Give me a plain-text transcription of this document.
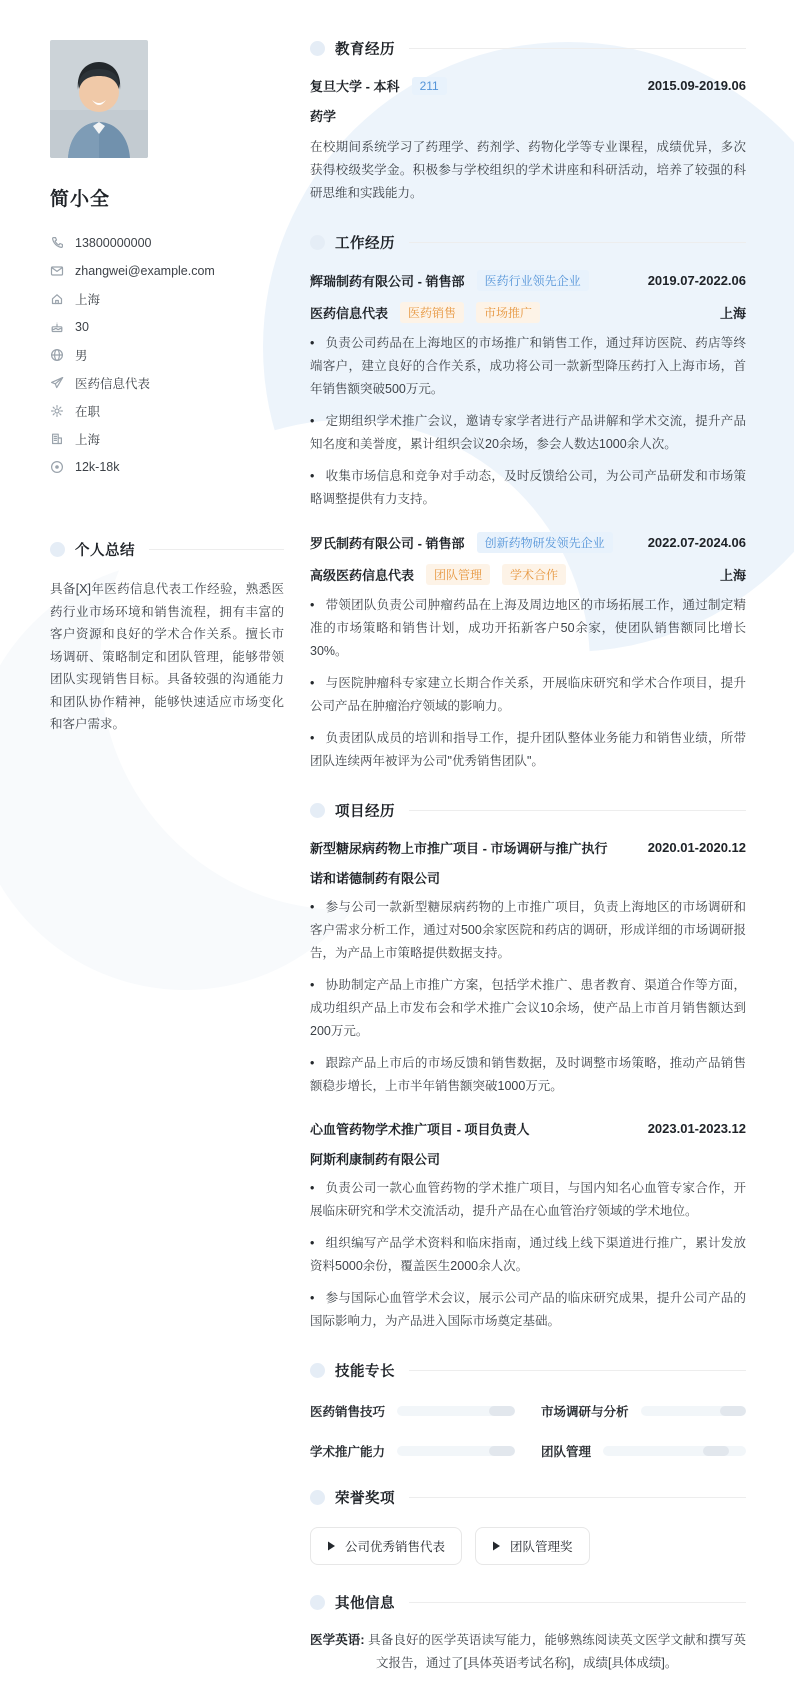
简小全
13800000000
zhangwei@example.com
上海
30
男
医药信息代表
在职
上海
12k-18k
个人总结

具备[X]年医药信息代表工作经验，熟悉医药行业市场环境和销售流程，拥有丰富的客户资源和良好的学术合作关系。擅长市场调研、策略制定和团队管理，能够带领团队实现销售目标。具备较强的沟通能力和团队协作精神，能够快速适应市场变化和客户需求。

教育经历
复旦大学 - 本科	211	2015.09-2019.06
药学

在校期间系统学习了药理学、药剂学、药物化学等专业课程，成绩优异，多次获得校级奖学金。积极参与学校组织的学术讲座和科研活动，培养了较强的科研思维和实践能力。

工作经历
辉瑞制药有限公司 - 销售部	医药行业领先企业	2019.07-2022.06
医药信息代表	医药销售	市场推广	上海

• 负责公司药品在上海地区的市场推广和销售工作，通过拜访医院、药店等终端客户，建立良好的合作关系，成功将公司一款新型降压药打入上海市场，首年销售额突破500万元。

• 定期组织学术推广会议，邀请专家学者进行产品讲解和学术交流，提升产品知名度和美誉度，累计组织会议20余场，参会人数达1000余人次。

• 收集市场信息和竞争对手动态，及时反馈给公司，为公司产品研发和市场策略调整提供有力支持。

罗氏制药有限公司 - 销售部	创新药物研发领先企业	2022.07-2024.06
高级医药信息代表	团队管理	学术合作	上海

• 带领团队负责公司肿瘤药品在上海及周边地区的市场拓展工作，通过制定精准的市场策略和销售计划，成功开拓新客户50余家，使团队销售额同比增长30%。

• 与医院肿瘤科专家建立长期合作关系，开展临床研究和学术合作项目，提升公司产品在肿瘤治疗领域的影响力。

• 负责团队成员的培训和指导工作，提升团队整体业务能力和销售业绩，所带团队连续两年被评为公司"优秀销售团队"。

项目经历
新型糖尿病药物上市推广项目 - 市场调研与推广执行	2020.01-2020.12
诺和诺德制药有限公司

• 参与公司一款新型糖尿病药物的上市推广项目，负责上海地区的市场调研和客户需求分析工作，通过对500余家医院和药店的调研，形成详细的市场调研报告，为产品上市策略提供数据支持。

• 协助制定产品上市推广方案，包括学术推广、患者教育、渠道合作等方面，成功组织产品上市发布会和学术推广会议10余场，使产品上市首月销售额达到200万元。

• 跟踪产品上市后的市场反馈和销售数据，及时调整市场策略，推动产品销售额稳步增长，上市半年销售额突破1000万元。

心血管药物学术推广项目 - 项目负责人	2023.01-2023.12
阿斯利康制药有限公司

• 负责公司一款心血管药物的学术推广项目，与国内知名心血管专家合作，开展临床研究和学术交流活动，提升产品在心血管治疗领域的学术地位。

• 组织编写产品学术资料和临床指南，通过线上线下渠道进行推广，累计发放资料5000余份，覆盖医生2000余人次。

• 参与国际心血管学术会议，展示公司产品的临床研究成果，提升公司产品的国际影响力，为产品进入国际市场奠定基础。

技能专长
医药销售技巧	市场调研与分析
学术推广能力	团队管理
荣誉奖项
公司优秀销售代表	团队管理奖
其他信息

医学英语: 具备良好的医学英语读写能力，能够熟练阅读英文医学文献和撰写英文报告，通过了[具体英语考试名称]，成绩[具体成绩]。
